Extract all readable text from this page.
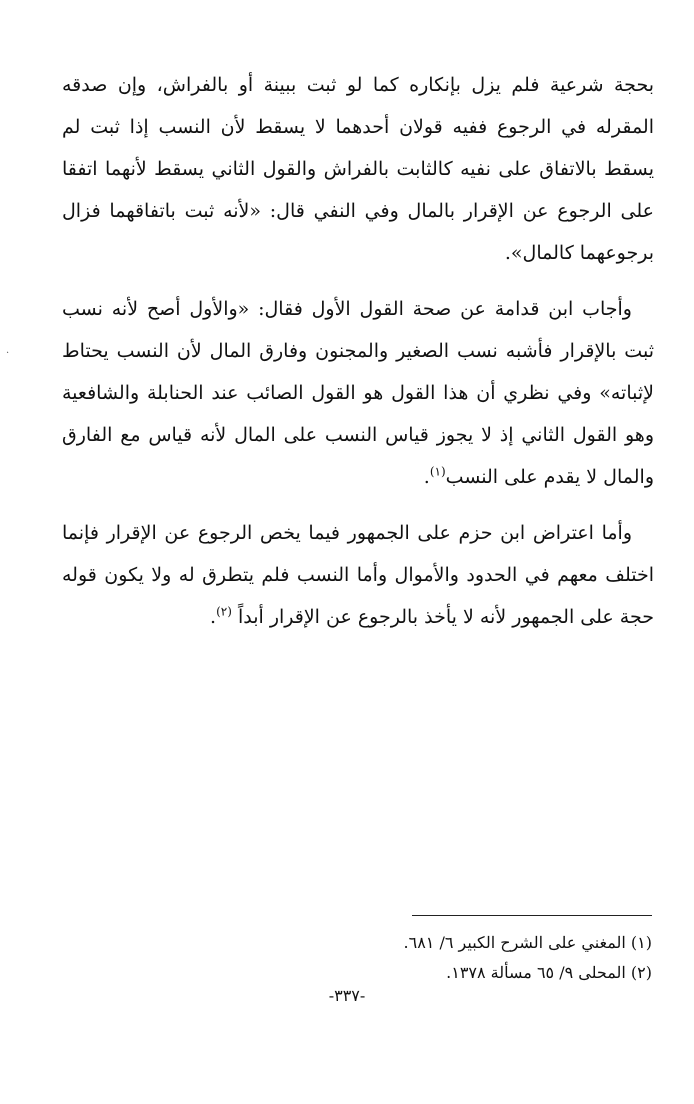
بحجة شرعية فلم يزل بإنكاره كما لو ثبت ببينة أو بالفراش، وإن صدقه المقرله في الرجوع ففيه قولان أحدهما لا يسقط لأن النسب إذا ثبت لم يسقط بالاتفاق على نفيه كالثابت بالفراش والقول الثاني يسقط لأنهما اتفقا على الرجوع عن الإقرار بالمال وفي النفي قال: «لأنه ثبت باتفاقهما فزال برجوعهما كالمال».

وأجاب ابن قدامة عن صحة القول الأول فقال: «والأول أصح لأنه نسب ثبت بالإقرار فأشبه نسب الصغير والمجنون وفارق المال لأن النسب يحتاط لإثباته» وفي نظري أن هذا القول هو القول الصائب عند الحنابلة والشافعية وهو القول الثاني إذ لا يجوز قياس النسب على المال لأنه قياس مع الفارق والمال لا يقدم على النسب$^{(١)}$.

وأما اعتراض ابن حزم على الجمهور فيما يخص الرجوع عن الإقرار فإنما اختلف معهم في الحدود والأموال وأما النسب فلم يتطرق له ولا يكون قوله حجة على الجمهور لأنه لا يأخذ بالرجوع عن الإقرار أبداً $^{(٢)}$.

(١) المغني على الشرح الكبير ٦/ ٦٨١.
(٢) المحلى ٩/ ٦٥ مسألة ١٣٧٨.
-٣٣٧-
·
